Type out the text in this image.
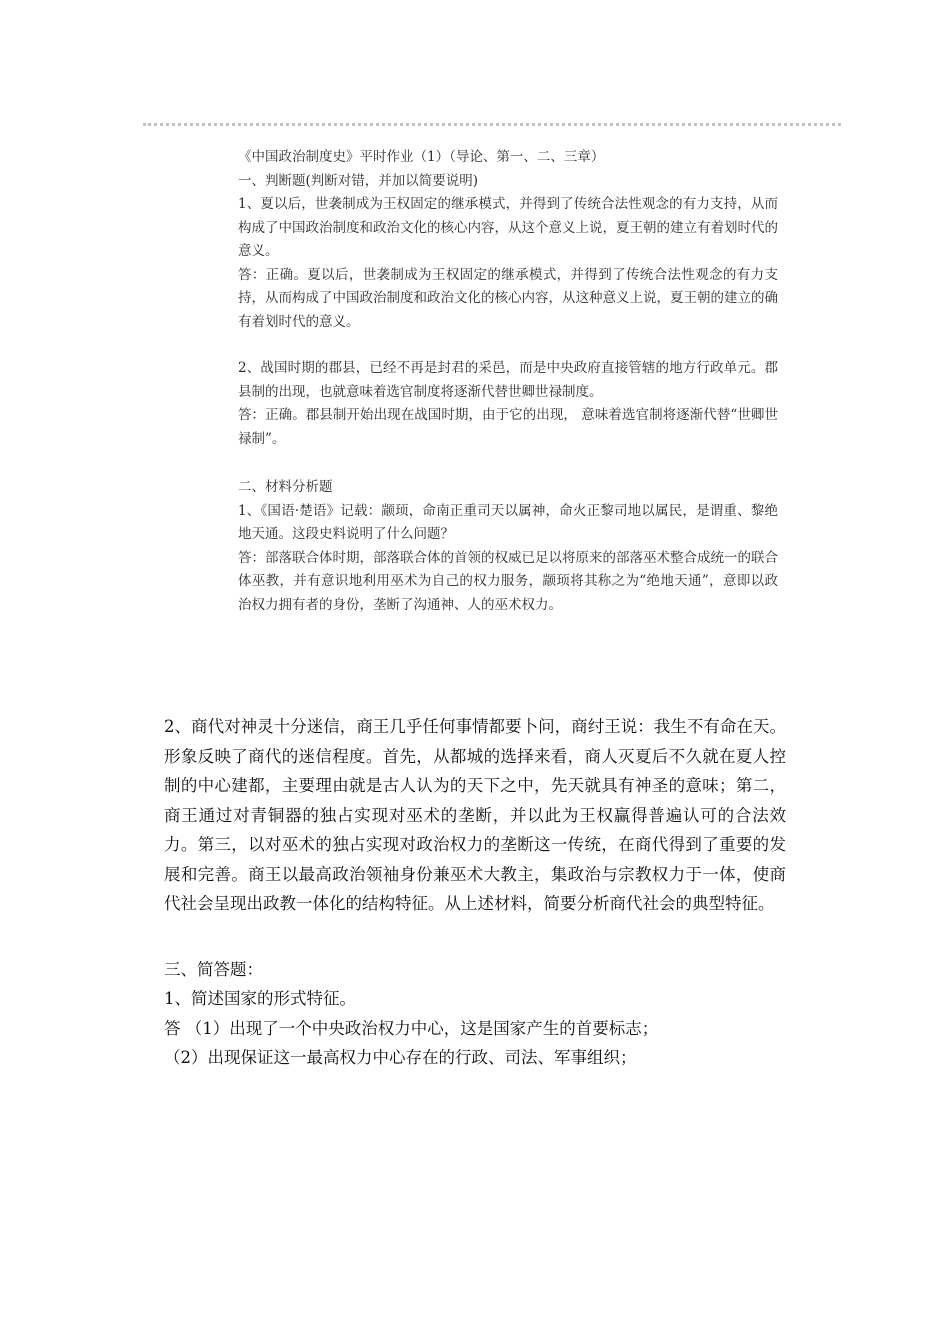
《中国政治制度史》平时作业（1）（导论、第一、二、三章）

一、判断题(判断对错，并加以简要说明)

1、夏以后，世袭制成为王权固定的继承模式，并得到了传统合法性观念的有力支持，从而构成了中国政治制度和政治文化的核心内容，从这个意义上说，夏王朝的建立有着划时代的意义。

答：正确。夏以后，世袭制成为王权固定的继承模式，并得到了传统合法性观念的有力支持，从而构成了中国政治制度和政治文化的核心内容，从这种意义上说，夏王朝的建立的确有着划时代的意义。

2、战国时期的郡县，已经不再是封君的采邑，而是中央政府直接管辖的地方行政单元。郡县制的出现，也就意味着选官制度将逐渐代替世卿世禄制度。

答：正确。郡县制开始出现在战国时期，由于它的出现， 意味着选官制将逐渐代替“世卿世禄制”。

二、材料分析题

1、《国语·楚语》记载：颛顼，命南正重司天以属神，命火正黎司地以属民，是谓重、黎绝地天通。这段史料说明了什么问题？

答：部落联合体时期，部落联合体的首领的权威已足以将原来的部落巫术整合成统一的联合体巫教，并有意识地利用巫术为自己的权力服务，颛顼将其称之为“绝地天通”，意即以政治权力拥有者的身份，垄断了沟通神、人的巫术权力。

2、商代对神灵十分迷信，商王几乎任何事情都要卜问，商纣王说：我生不有命在天。形象反映了商代的迷信程度。首先，从都城的选择来看，商人灭夏后不久就在夏人控制的中心建都，主要理由就是古人认为的天下之中，先天就具有神圣的意味；第二，商王通过对青铜器的独占实现对巫术的垄断，并以此为王权赢得普遍认可的合法效力。第三，以对巫术的独占实现对政治权力的垄断这一传统，在商代得到了重要的发展和完善。商王以最高政治领袖身份兼巫术大教主，集政治与宗教权力于一体，使商代社会呈现出政教一体化的结构特征。从上述材料，简要分析商代社会的典型特征。

三、简答题：

1、简述国家的形式特征。

答 （1）出现了一个中央政治权力中心，这是国家产生的首要标志；

（2）出现保证这一最高权力中心存在的行政、司法、军事组织；
